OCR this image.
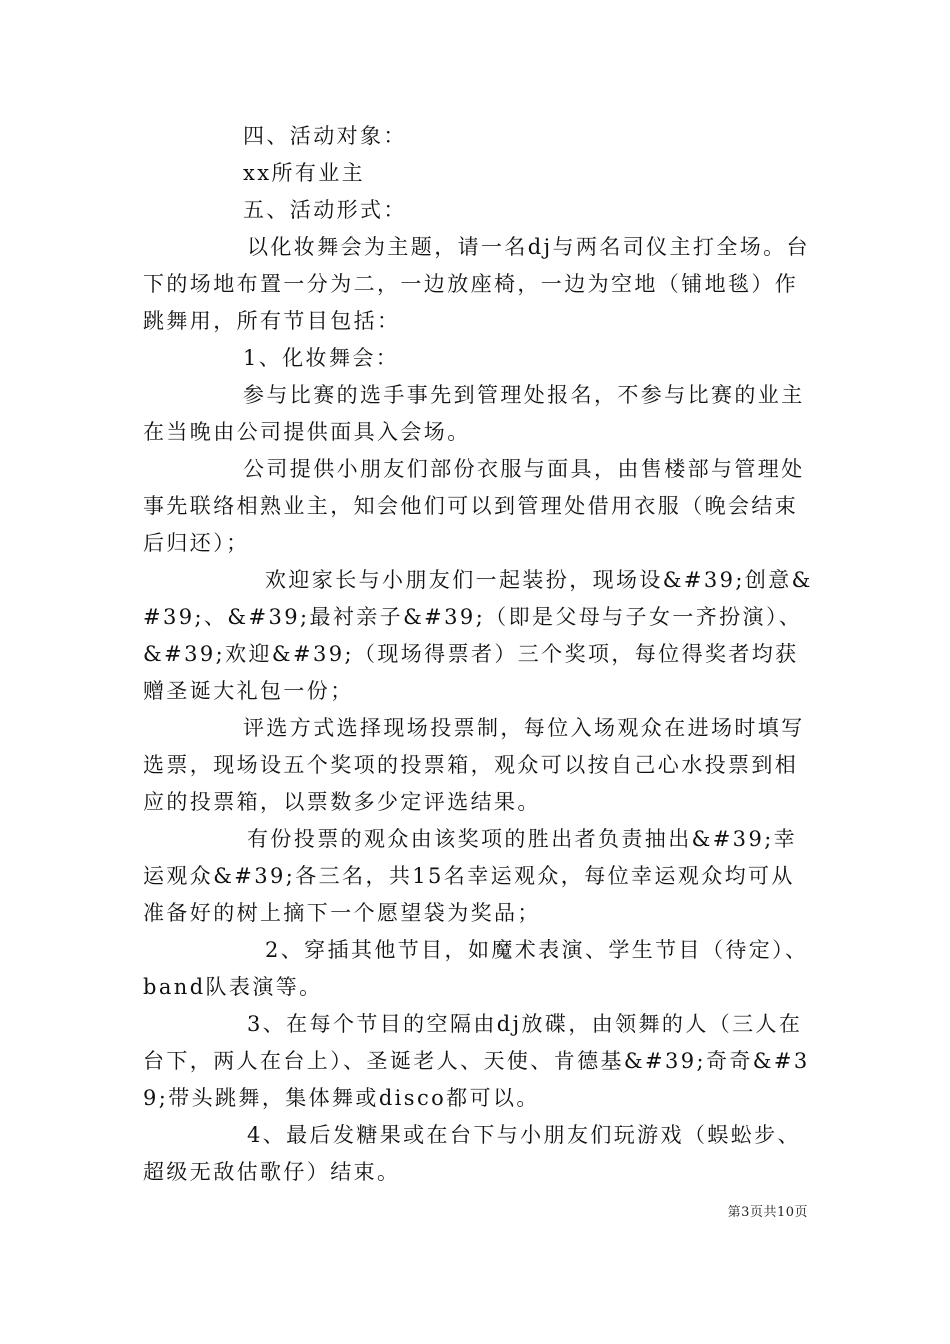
四、活动对象：

xx所有业主

五、活动形式：

以化妆舞会为主题，请一名dj与两名司仪主打全场。台下的场地布置一分为二，一边放座椅，一边为空地（铺地毯）作跳舞用，所有节目包括：

1、化妆舞会：

参与比赛的选手事先到管理处报名，不参与比赛的业主在当晚由公司提供面具入会场。

公司提供小朋友们部份衣服与面具，由售楼部与管理处事先联络相熟业主，知会他们可以到管理处借用衣服（晚会结束后归还）；

欢迎家长与小朋友们一起装扮，现场设&#39;创意&#39;、&#39;最衬亲子&#39;（即是父母与子女一齐扮演）、&#39;欢迎&#39;（现场得票者）三个奖项，每位得奖者均获赠圣诞大礼包一份；

评选方式选择现场投票制，每位入场观众在进场时填写选票，现场设五个奖项的投票箱，观众可以按自己心水投票到相应的投票箱，以票数多少定评选结果。

有份投票的观众由该奖项的胜出者负责抽出&#39;幸运观众&#39;各三名，共15名幸运观众，每位幸运观众均可从准备好的树上摘下一个愿望袋为奖品；

2、穿插其他节目，如魔术表演、学生节目（待定）、band队表演等。

3、在每个节目的空隔由dj放碟，由领舞的人（三人在台下，两人在台上）、圣诞老人、天使、肯德基&#39;奇奇&#39;带头跳舞，集体舞或disco都可以。

4、最后发糖果或在台下与小朋友们玩游戏（蜈蚣步、超级无敌估歌仔）结束。

第3页共10页
